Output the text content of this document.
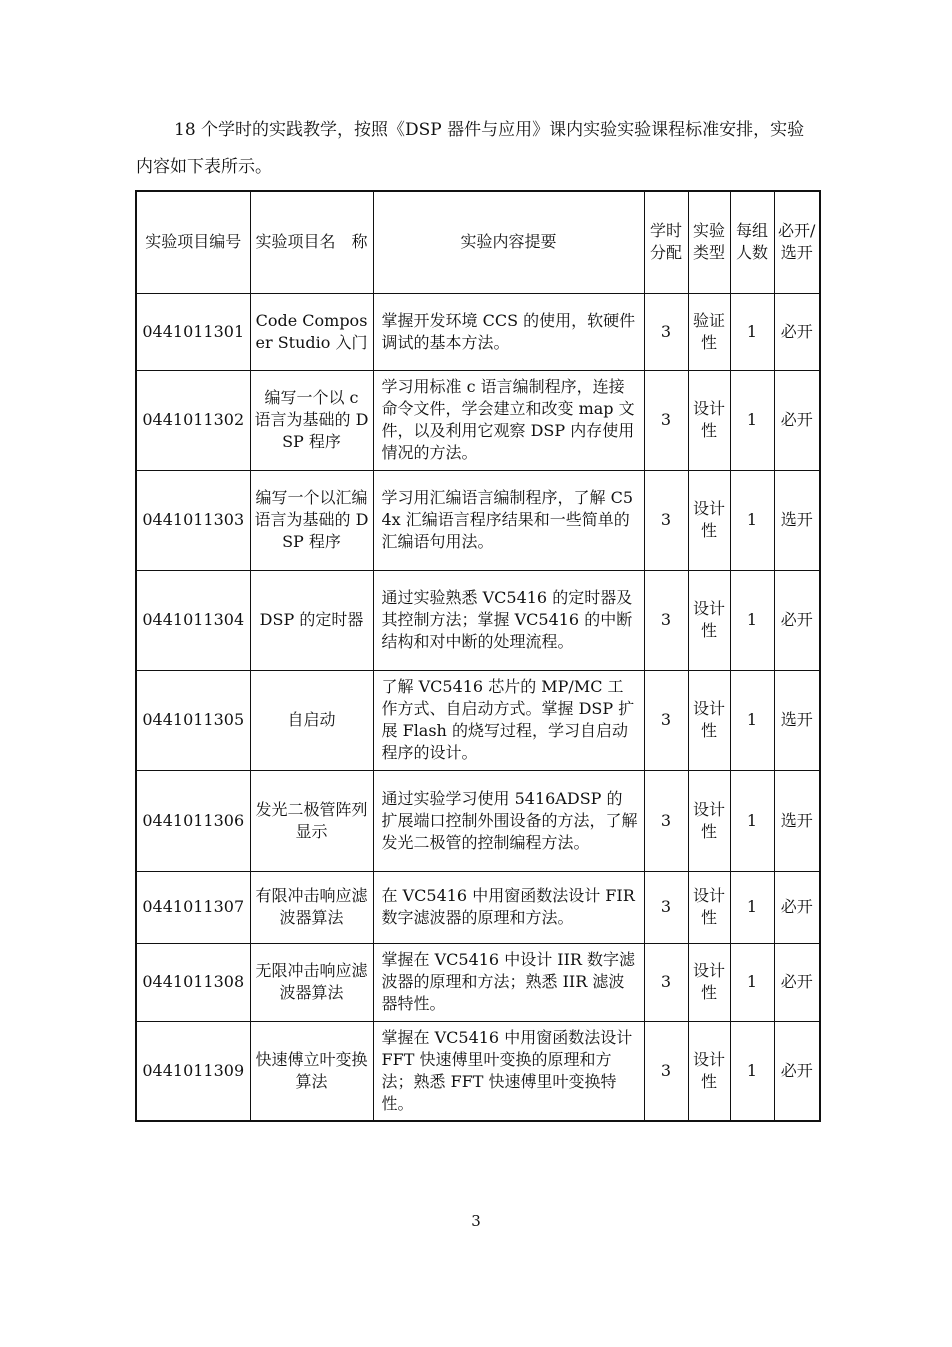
18 个学时的实践教学，按照《DSP 器件与应用》课内实验实验课程标准安排，实验内容如下表所示。

实验项目编号	实验项目名　称	实验内容提要	学时分配	实验类型	每组人数	必开/选开
0441011301	Code Composer Studio 入门	掌握开发环境 CCS 的使用，软硬件调试的基本方法。	3	验证性	1	必开
0441011302	编写一个以 c 语言为基础的 DSP 程序	学习用标准 c 语言编制程序，连接命令文件，学会建立和改变 map 文件，以及利用它观察 DSP 内存使用情况的方法。	3	设计性	1	必开
0441011303	编写一个以汇编语言为基础的 DSP 程序	学习用汇编语言编制程序，了解 C54x 汇编语言程序结果和一些简单的汇编语句用法。	3	设计性	1	选开
0441011304	DSP 的定时器	通过实验熟悉 VC5416 的定时器及其控制方法；掌握 VC5416 的中断结构和对中断的处理流程。	3	设计性	1	必开
0441011305	自启动	了解 VC5416 芯片的 MP/MC 工作方式、自启动方式。掌握 DSP 扩展 Flash 的烧写过程，学习自启动程序的设计。	3	设计性	1	选开
0441011306	发光二极管阵列显示	通过实验学习使用 5416ADSP 的扩展端口控制外围设备的方法，了解发光二极管的控制编程方法。	3	设计性	1	选开
0441011307	有限冲击响应滤波器算法	在 VC5416 中用窗函数法设计 FIR 数字滤波器的原理和方法。	3	设计性	1	必开
0441011308	无限冲击响应滤波器算法	掌握在 VC5416 中设计 IIR 数字滤波器的原理和方法；熟悉 IIR 滤波器特性。	3	设计性	1	必开
0441011309	快速傅立叶变换算法	掌握在 VC5416 中用窗函数法设计 FFT 快速傅里叶变换的原理和方法；熟悉 FFT 快速傅里叶变换特性。	3	设计性	1	必开
3
